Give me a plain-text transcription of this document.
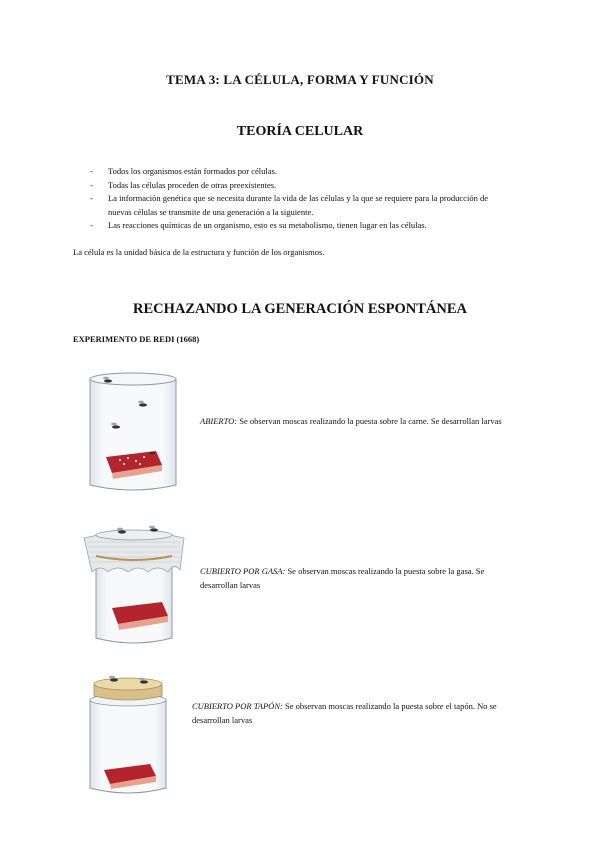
TEMA 3: LA CÉLULA, FORMA Y FUNCIÓN
TEORÍA CELULAR
- Todos los organismos están formados por células.
- Todas las células proceden de otras preexistentes.
- La información genética que se necesita durante la vida de las células y la que se requiere para la producción de nuevas células se transmite de una generación a la siguiente.
- Las reacciones químicas de un organismo, esto es su metabolismo, tienen lugar en las células.
La célula es la unidad básica de la estructura y función de los organismos.
RECHAZANDO LA GENERACIÓN ESPONTÁNEA
EXPERIMENTO DE REDI (1668)
ABIERTO: Se observan moscas realizando la puesta sobre la carne. Se desarrollan larvas
CUBIERTO POR GASA: Se observan moscas realizando la puesta sobre la gasa. Se desarrollan larvas
CUBIERTO POR TAPÓN: Se observan moscas realizando la puesta sobre el tapón. No se desarrollan larvas
